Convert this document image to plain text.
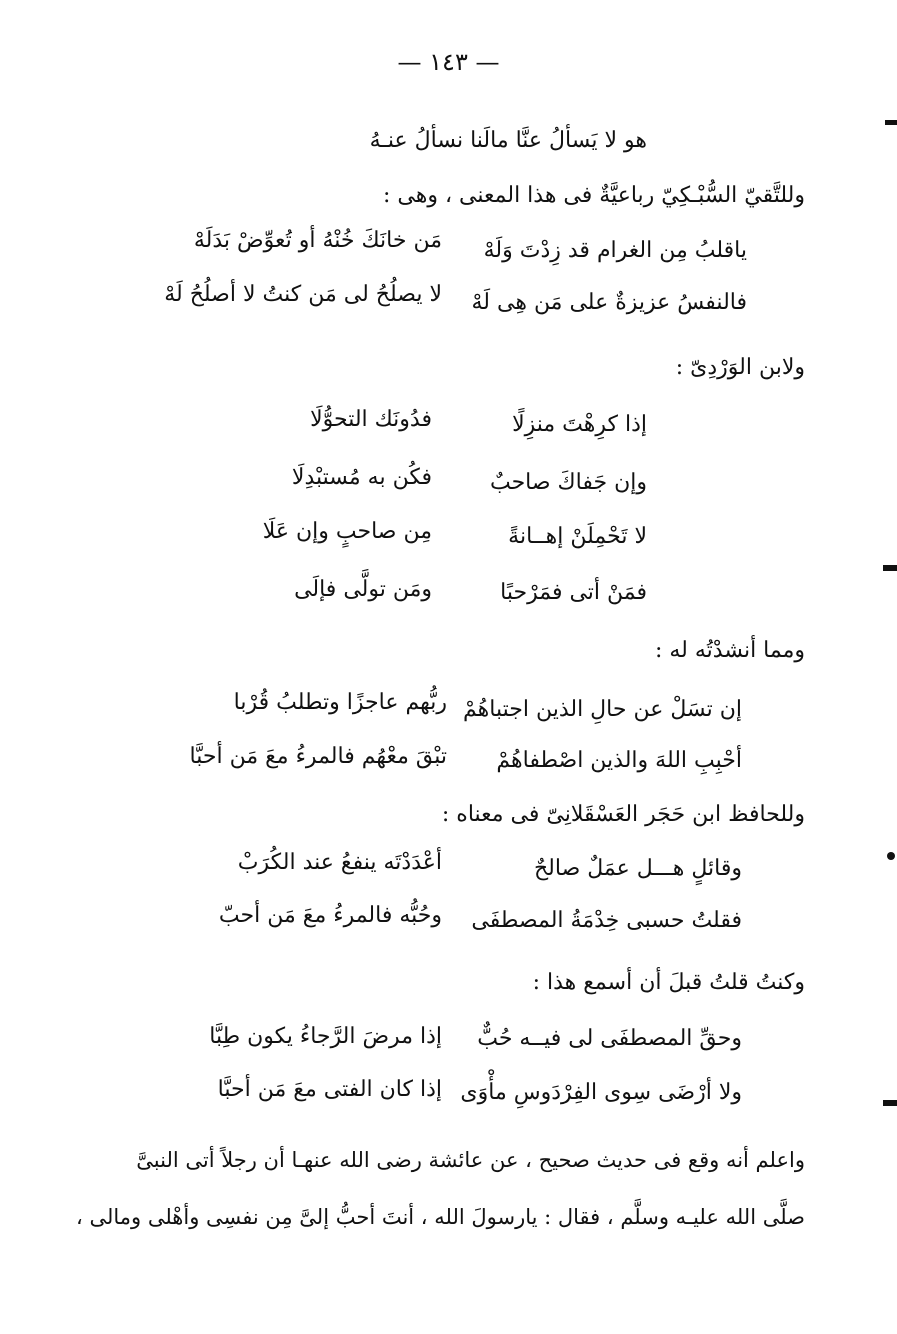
— ١٤٣ —
هو لا يَسألُ عنَّا مالَنا نسألُ عنـهُ
وللتَّقيّ السُّبْـكِيّ رباعيَّةٌ فى هذا المعنى ، وهى :
ياقلبُ مِن الغرام قد زِدْتَ وَلَهْ
مَن خانَكَ خُنْهُ أو تُعوِّضْ بَدَلَهْ
فالنفسُ عزيزةٌ على مَن هِى لَهْ
لا يصلُحُ لى مَن كنتُ لا أصلُحُ لَهْ
ولابن الوَرْدِىّ :
إذا كرِهْتَ منزِلًا
فدُونَك التحوُّلَا
وإن جَفاكَ صاحبٌ
فكُن به مُستبْدِلَا
لا تَحْمِلَنْ إهــانةً
مِن صاحبٍ وإن عَلَا
فمَنْ أتى فمَرْحبًا
ومَن تولَّى فإلَى
ومما أنشدْتُه له :
إن تسَلْ عن حالِ الذين اجتباهُمْ
ربُّهم عاجزًا وتطلبُ قُرْبا
أحْبِبِ اللهَ والذين اصْطفاهُمْ
تبْقَ معْهُم فالمرءُ معَ مَن أحبَّا
وللحافظ ابن حَجَر العَسْقَلانِىّ فى معناه :
وقائلٍ هـــل عمَلٌ صالحٌ
أعْدَدْتَه ينفعُ عند الكُرَبْ
فقلتُ حسبى خِدْمَةُ المصطفَى
وحُبُّه فالمرءُ معَ مَن أحبّ
وكنتُ قلتُ قبلَ أن أسمع هذا :
وحقِّ المصطفَى لى فيــه حُبٌّ
إذا مرضَ الرَّجاءُ يكون طِبَّا
ولا أرْضَى سِوى الفِرْدَوسِ مأْوَى
إذا كان الفتى معَ مَن أحبَّا
واعلم أنه وقع فى حديث صحيح ، عن عائشة رضى الله عنهـا أن رجلاً أتى النبىَّ
صلَّى الله عليـه وسلَّم ، فقال : يارسولَ الله ، أنتَ أحبُّ إلىَّ مِن نفسِى وأهْلى ومالى ،
